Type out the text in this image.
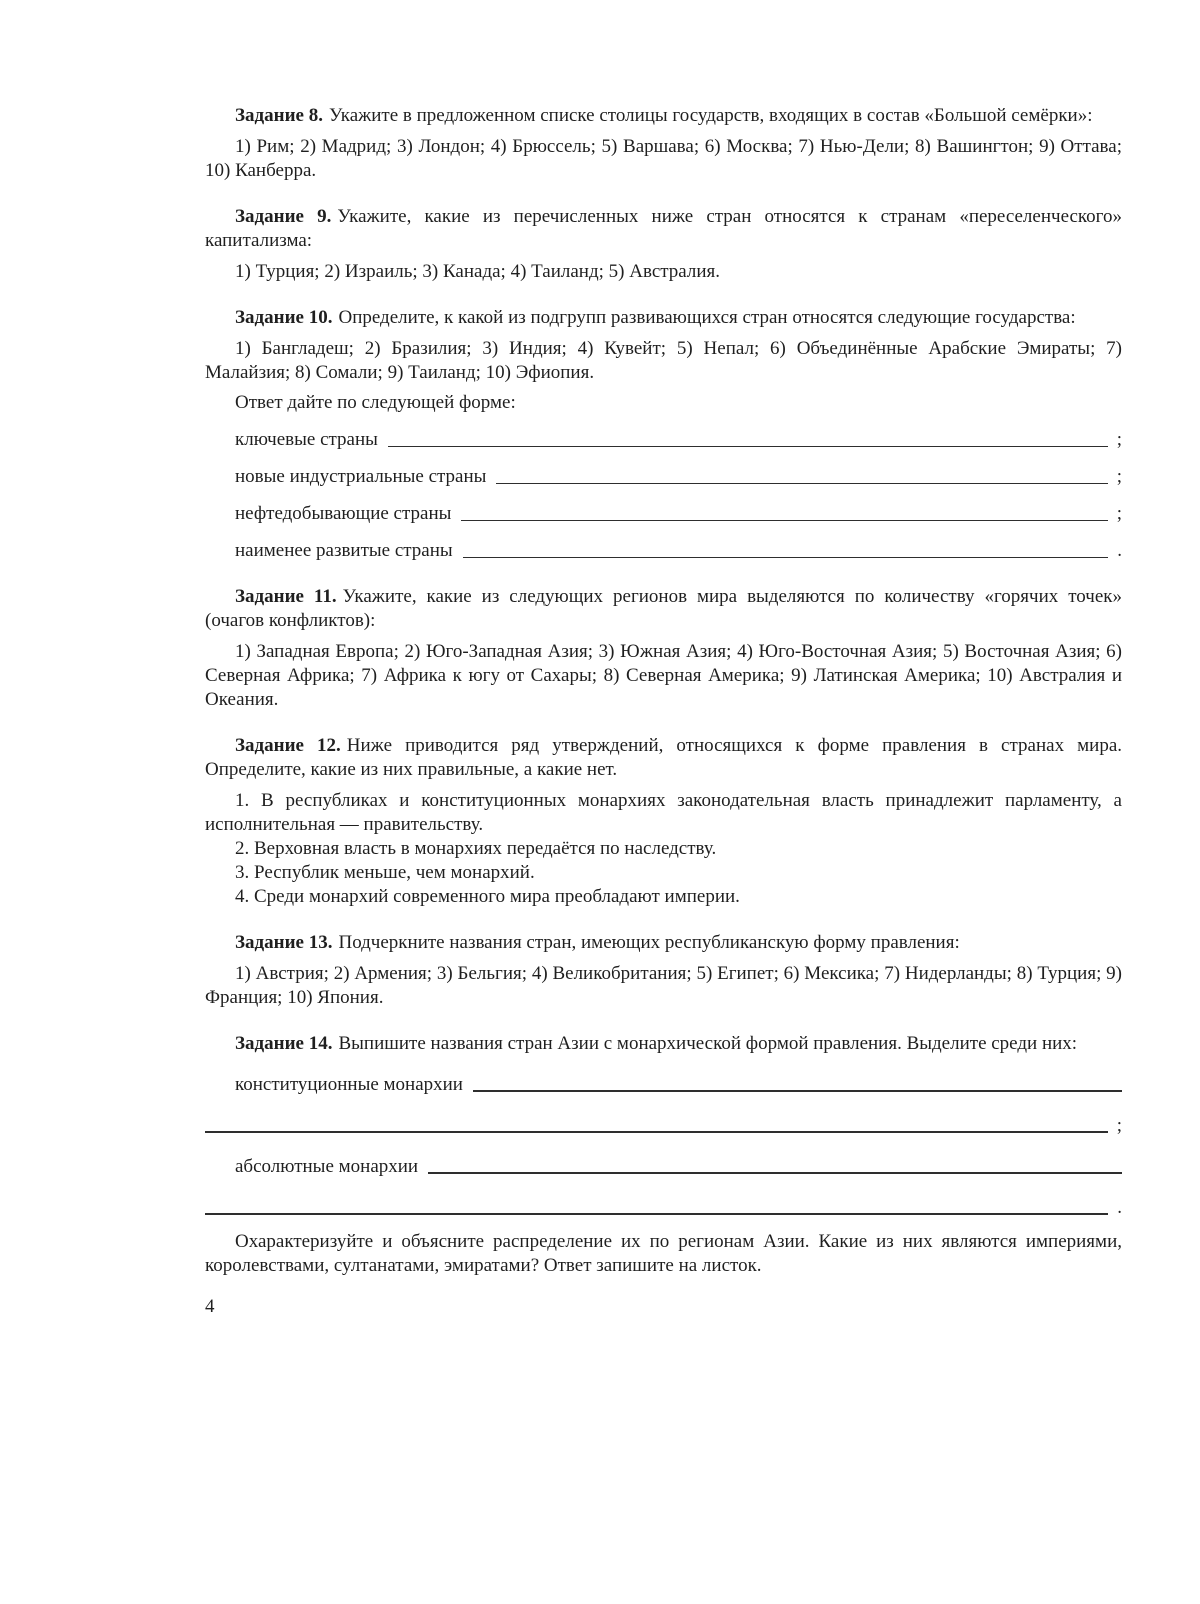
Задание 8. Укажите в предложенном списке столицы государств, входящих в состав «Большой семёрки»:

1) Рим; 2) Мадрид; 3) Лондон; 4) Брюссель; 5) Варшава; 6) Москва; 7) Нью-Дели; 8) Вашингтон; 9) Оттава; 10) Канберра.

Задание 9. Укажите, какие из перечисленных ниже стран относятся к странам «переселенческого» капитализма:

1) Турция; 2) Израиль; 3) Канада; 4) Таиланд; 5) Австралия.

Задание 10. Определите, к какой из подгрупп развивающихся стран относятся следующие государства:

1) Бангладеш; 2) Бразилия; 3) Индия; 4) Кувейт; 5) Непал; 6) Объединённые Арабские Эмираты; 7) Малайзия; 8) Сомали; 9) Таиланд; 10) Эфиопия.

Ответ дайте по следующей форме:

ключевые страны	;
новые индустриальные страны	;
нефтедобывающие страны	;
наименее развитые страны	.

Задание 11. Укажите, какие из следующих регионов мира выделяются по количеству «горячих точек» (очагов конфликтов):

1) Западная Европа; 2) Юго-Западная Азия; 3) Южная Азия; 4) Юго-Восточная Азия; 5) Восточная Азия; 6) Северная Африка; 7) Африка к югу от Сахары; 8) Северная Америка; 9) Латинская Америка; 10) Австралия и Океания.

Задание 12. Ниже приводится ряд утверждений, относящихся к форме правления в странах мира. Определите, какие из них правильные, а какие нет.

1. В республиках и конституционных монархиях законодательная власть принадлежит парламенту, а исполнительная — правительству.

2. Верховная власть в монархиях передаётся по наследству.

3. Республик меньше, чем монархий.

4. Среди монархий современного мира преобладают империи.

Задание 13. Подчеркните названия стран, имеющих республиканскую форму правления:

1) Австрия; 2) Армения; 3) Бельгия; 4) Великобритания; 5) Египет; 6) Мексика; 7) Нидерланды; 8) Турция; 9) Франция; 10) Япония.

Задание 14. Выпишите названия стран Азии с монархической формой правления. Выделите среди них:

конституционные монархии
;
абсолютные монархии
.

Охарактеризуйте и объясните распределение их по регионам Азии. Какие из них являются империями, королевствами, султанатами, эмиратами? Ответ запишите на листок.

4
